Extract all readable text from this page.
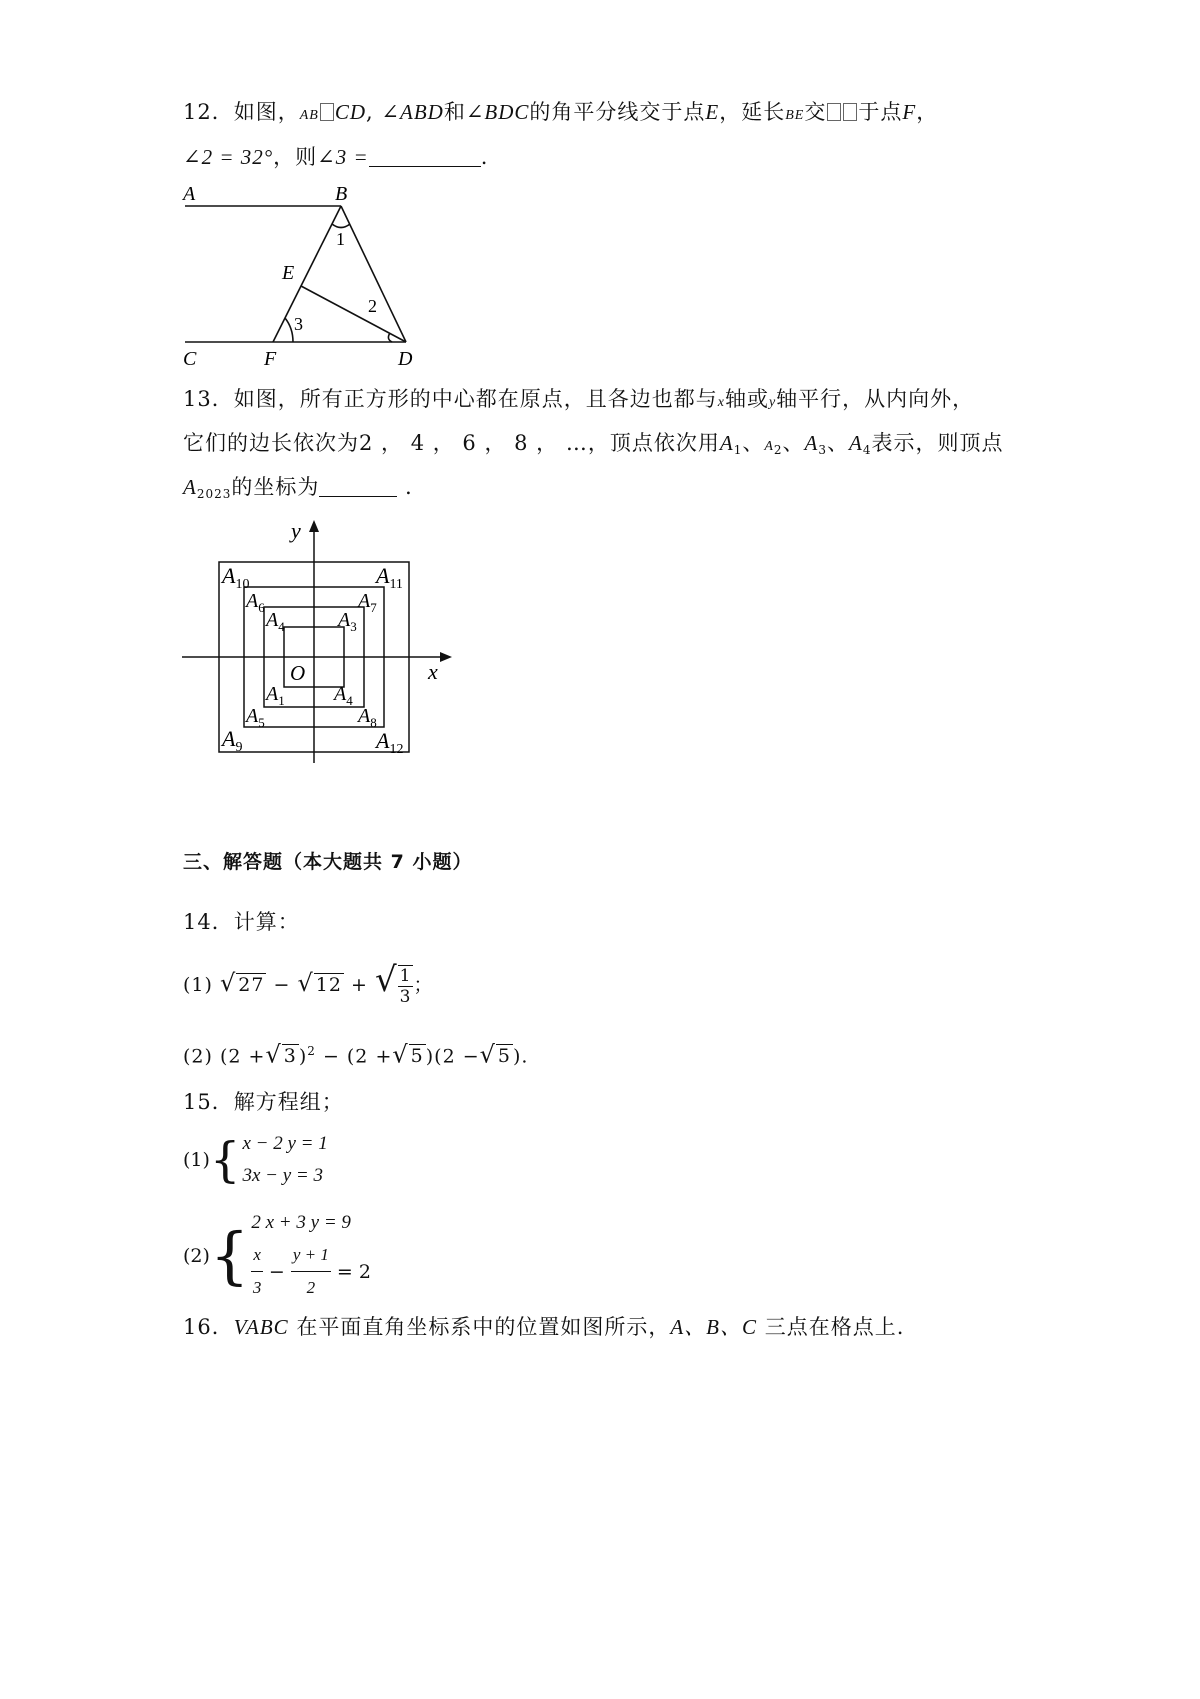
12．如图，AB CD, ∠ABD和∠BDC的角平分线交于点E，延长BE交 于点F，
∠2 = 32°，则∠3 =	.
A	B
C	F	D
E
1
2
3
13．如图，所有正方形的中心都在原点，且各边也都与x轴或y轴平行，从内向外，
它们的边长依次为2 ， 4 ， 6 ， 8 ， …，顶点依次用$A_1$、$A_2$、$A_3$、$A_4$表示，则顶点
$A_{2023}$的坐标为	．
y
x
O
$A_{10}$	$A_{11}$
$A_6$	$A_7$
$A_4$	$A_3$
$A_1$ $A_4$
$A_5$	$A_8$
$A_9$	$A_{12}$
三、解答题（本大题共 7 小题）
14．计算：
(1) √ 27 − √ 12 + √ $\frac{1}{3}$ ；
(2) (2 +√ 3 )$^2$ − (2 +√ 5 )(2 −√ 5 ).
15．解方程组；
(1) { x − 2 y = 1
3x − y = 3
(2) { 2 x + 3 y = 9
$\frac{x}{3} - \frac{y + 1}{2} = 2$
16．VABC 在平面直角坐标系中的位置如图所示，A、B、C 三点在格点上.
